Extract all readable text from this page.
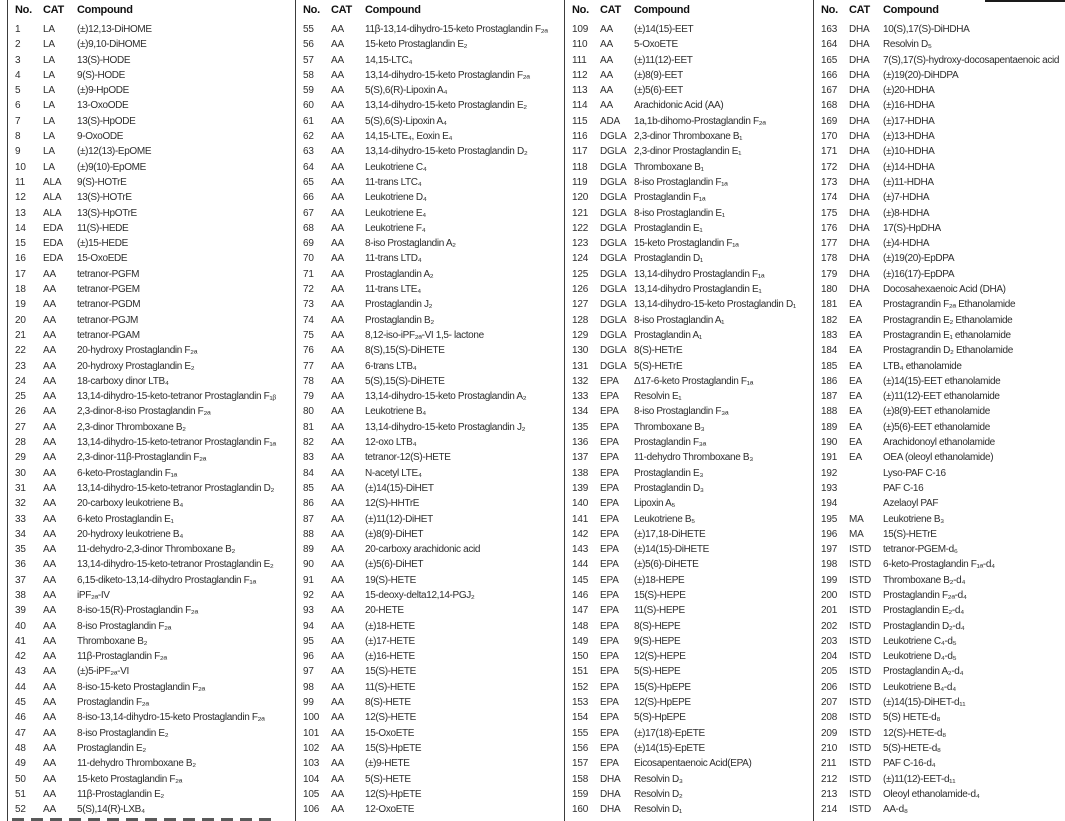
No. CAT Compound
1 LA (±)12,13-DiHOME
2 LA (±)9,10-DiHOME
3 LA 13(S)-HODE
4 LA 9(S)-HODE
5 LA (±)9-HpODE
6 LA 13-OxoODE
7 LA 13(S)-HpODE
8 LA 9-OxoODE
9 LA (±)12(13)-EpOME
10 LA (±)9(10)-EpOME
11 ALA 9(S)-HOTrE
12 ALA 13(S)-HOTrE
13 ALA 13(S)-HpOTrE
14 EDA 11(S)-HEDE
15 EDA (±)15-HEDE
16 EDA 15-OxoEDE
17 AA tetranor-PGFM
18 AA tetranor-PGEM
19 AA tetranor-PGDM
20 AA tetranor-PGJM
21 AA tetranor-PGAM
22 AA 20-hydroxy Prostaglandin F₂ₐ
23 AA 20-hydroxy Prostaglandin E₂
24 AA 18-carboxy dinor LTB₄
25 AA 13,14-dihydro-15-keto-tetranor Prostaglandin F₁ᵦ
26 AA 2,3-dinor-8-iso Prostaglandin F₂ₐ
27 AA 2,3-dinor Thromboxane B₂
28 AA 13,14-dihydro-15-keto-tetranor Prostaglandin F₁ₐ
29 AA 2,3-dinor-11β-Prostaglandin F₂ₐ
30 AA 6-keto-Prostaglandin F₁ₐ
31 AA 13,14-dihydro-15-keto-tetranor Prostaglandin D₂
32 AA 20-carboxy leukotriene B₄
33 AA 6-keto Prostaglandin E₁
34 AA 20-hydroxy leukotriene B₄
35 AA 11-dehydro-2,3-dinor Thromboxane B₂
36 AA 13,14-dihydro-15-keto-tetranor Prostaglandin E₂
37 AA 6,15-diketo-13,14-dihydro Prostaglandin F₁ₐ
38 AA iPF₂ₐ-IV
39 AA 8-iso-15(R)-Prostaglandin F₂ₐ
40 AA 8-iso Prostaglandin F₂ₐ
41 AA Thromboxane B₂
42 AA 11β-Prostaglandin F₂ₐ
43 AA (±)5-iPF₂ₐ-VI
44 AA 8-iso-15-keto Prostaglandin F₂ₐ
45 AA Prostaglandin F₂ₐ
46 AA 8-iso-13,14-dihydro-15-keto Prostaglandin F₂ₐ
47 AA 8-iso Prostaglandin E₂
48 AA Prostaglandin E₂
49 AA 11-dehydro Thromboxane B₂
50 AA 15-keto Prostaglandin F₂ₐ
51 AA 11β-Prostaglandin E₂
52 AA 5(S),14(R)-LXB₄
No. CAT Compound
55 AA 11β-13,14-dihydro-15-keto Prostaglandin F₂ₐ
56 AA 15-keto Prostaglandin E₂
57 AA 14,15-LTC₄
58 AA 13,14-dihydro-15-keto Prostaglandin F₂ₐ
59 AA 5(S),6(R)-Lipoxin A₄
60 AA 13,14-dihydro-15-keto Prostaglandin E₂
61 AA 5(S),6(S)-Lipoxin A₄
62 AA 14,15-LTE₄, Eoxin E₄
63 AA 13,14-dihydro-15-keto Prostaglandin D₂
64 AA Leukotriene C₄
65 AA 11-trans LTC₄
66 AA Leukotriene D₄
67 AA Leukotriene E₄
68 AA Leukotriene F₄
69 AA 8-iso Prostaglandin A₂
70 AA 11-trans LTD₄
71 AA Prostaglandin A₂
72 AA 11-trans LTE₄
73 AA Prostaglandin J₂
74 AA Prostaglandin B₂
75 AA 8,12-iso-iPF₂ₐ-VI 1,5- lactone
76 AA 8(S),15(S)-DiHETE
77 AA 6-trans LTB₄
78 AA 5(S),15(S)-DiHETE
79 AA 13,14-dihydro-15-keto Prostaglandin A₂
80 AA Leukotriene B₄
81 AA 13,14-dihydro-15-keto Prostaglandin J₂
82 AA 12-oxo LTB₄
83 AA tetranor-12(S)-HETE
84 AA N-acetyl LTE₄
85 AA (±)14(15)-DiHET
86 AA 12(S)-HHTrE
87 AA (±)11(12)-DiHET
88 AA (±)8(9)-DiHET
89 AA 20-carboxy arachidonic acid
90 AA (±)5(6)-DiHET
91 AA 19(S)-HETE
92 AA 15-deoxy-delta12,14-PGJ₂
93 AA 20-HETE
94 AA (±)18-HETE
95 AA (±)17-HETE
96 AA (±)16-HETE
97 AA 15(S)-HETE
98 AA 11(S)-HETE
99 AA 8(S)-HETE
100 AA 12(S)-HETE
101 AA 15-OxoETE
102 AA 15(S)-HpETE
103 AA (±)9-HETE
104 AA 5(S)-HETE
105 AA 12(S)-HpETE
106 AA 12-OxoETE
No. CAT Compound
109 AA (±)14(15)-EET
110 AA 5-OxoETE
111 AA (±)11(12)-EET
112 AA (±)8(9)-EET
113 AA (±)5(6)-EET
114 AA Arachidonic Acid (AA)
115 ADA 1a,1b-dihomo-Prostaglandin F₂ₐ
116 DGLA 2,3-dinor Thromboxane B₁
117 DGLA 2,3-dinor Prostaglandin E₁
118 DGLA Thromboxane B₁
119 DGLA 8-iso Prostaglandin F₁ₐ
120 DGLA Prostaglandin F₁ₐ
121 DGLA 8-iso Prostaglandin E₁
122 DGLA Prostaglandin E₁
123 DGLA 15-keto Prostaglandin F₁ₐ
124 DGLA Prostaglandin D₁
125 DGLA 13,14-dihydro Prostaglandin F₁ₐ
126 DGLA 13,14-dihydro Prostaglandin E₁
127 DGLA 13,14-dihydro-15-keto Prostaglandin D₁
128 DGLA 8-iso Prostaglandin A₁
129 DGLA Prostaglandin A₁
130 DGLA 8(S)-HETrE
131 DGLA 5(S)-HETrE
132 EPA Δ17-6-keto Prostaglandin F₁ₐ
133 EPA Resolvin E₁
134 EPA 8-iso Prostaglandin F₃ₐ
135 EPA Thromboxane B₃
136 EPA Prostaglandin F₃ₐ
137 EPA 11-dehydro Thromboxane B₃
138 EPA Prostaglandin E₃
139 EPA Prostaglandin D₃
140 EPA Lipoxin A₅
141 EPA Leukotriene B₅
142 EPA (±)17,18-DiHETE
143 EPA (±)14(15)-DiHETE
144 EPA (±)5(6)-DiHETE
145 EPA (±)18-HEPE
146 EPA 15(S)-HEPE
147 EPA 11(S)-HEPE
148 EPA 8(S)-HEPE
149 EPA 9(S)-HEPE
150 EPA 12(S)-HEPE
151 EPA 5(S)-HEPE
152 EPA 15(S)-HpEPE
153 EPA 12(S)-HpEPE
154 EPA 5(S)-HpEPE
155 EPA (±)17(18)-EpETE
156 EPA (±)14(15)-EpETE
157 EPA Eicosapentaenoic Acid(EPA)
158 DHA Resolvin D₃
159 DHA Resolvin D₂
160 DHA Resolvin D₁
No. CAT Compound
163 DHA 10(S),17(S)-DiHDHA
164 DHA Resolvin D₅
165 DHA 7(S),17(S)-hydroxy-docosapentaenoic acid
166 DHA (±)19(20)-DiHDPA
167 DHA (±)20-HDHA
168 DHA (±)16-HDHA
169 DHA (±)17-HDHA
170 DHA (±)13-HDHA
171 DHA (±)10-HDHA
172 DHA (±)14-HDHA
173 DHA (±)11-HDHA
174 DHA (±)7-HDHA
175 DHA (±)8-HDHA
176 DHA 17(S)-HpDHA
177 DHA (±)4-HDHA
178 DHA (±)19(20)-EpDPA
179 DHA (±)16(17)-EpDPA
180 DHA Docosahexaenoic Acid (DHA)
181 EA Prostagrandin F₂ₐ Ethanolamide
182 EA Prostagrandin E₂ Ethanolamide
183 EA Prostagrandin E₁ ethanolamide
184 EA Prostagrandin D₂ Ethanolamide
185 EA LTB₄ ethanolamide
186 EA (±)14(15)-EET ethanolamide
187 EA (±)11(12)-EET ethanolamide
188 EA (±)8(9)-EET ethanolamide
189 EA (±)5(6)-EET ethanolamide
190 EA Arachidonoyl ethanolamide
191 EA OEA (oleoyl ethanolamide)
192	Lyso-PAF C-16
193	PAF C-16
194	Azelaoyl PAF
195 MA Leukotriene B₃
196 MA 15(S)-HETrE
197 ISTD tetranor-PGEM-d₆
198 ISTD 6-keto-Prostaglandin F₁ₐ-d₄
199 ISTD Thromboxane B₂-d₄
200 ISTD Prostaglandin F₂ₐ-d₄
201 ISTD Prostaglandin E₂-d₄
202 ISTD Prostaglandin D₂-d₄
203 ISTD Leukotriene C₄-d₅
204 ISTD Leukotriene D₄-d₅
205 ISTD Prostaglandin A₂-d₄
206 ISTD Leukotriene B₄-d₄
207 ISTD (±)14(15)-DiHET-d₁₁
208 ISTD 5(S) HETE-d₈
209 ISTD 12(S)-HETE-d₈
210 ISTD 5(S)-HETE-d₈
211 ISTD PAF C-16-d₄
212 ISTD (±)11(12)-EET-d₁₁
213 ISTD Oleoyl ethanolamide-d₄
214 ISTD AA-d₈
